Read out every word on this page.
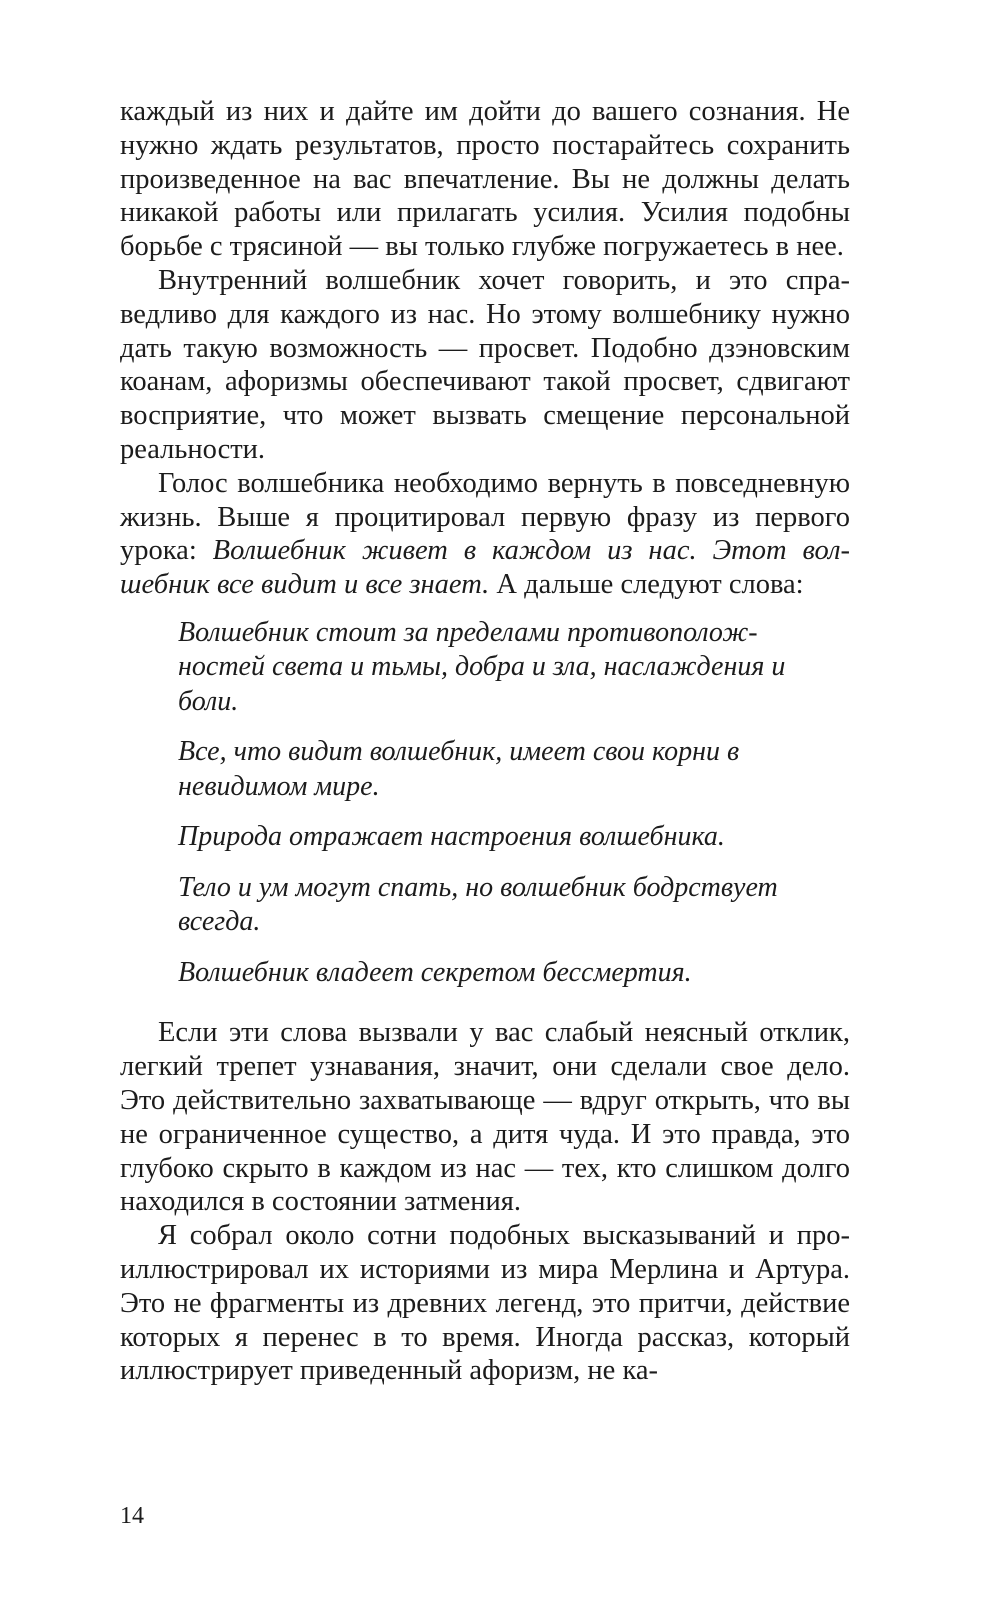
каждый из них и дайте им дойти до вашего сознания. Не нужно ждать результатов, просто постарайтесь сохранить произведенное на вас впечатление. Вы не должны делать никакой работы или прилагать усилия. Усилия подобны борьбе с трясиной — вы только глубже погружаетесь в нее.

Внутренний волшебник хочет говорить, и это справедливо для каждого из нас. Но этому волшебнику нужно дать такую возможность — просвет. Подобно дзэновским коанам, афоризмы обеспечивают такой просвет, сдвигают восприятие, что может вызвать смещение персональной реальности.

Голос волшебника необходимо вернуть в повседневную жизнь. Выше я процитировал первую фразу из первого урока: Волшебник живет в каждом из нас. Этот волшебник все видит и все знает. А дальше следуют слова:

Волшебник стоит за пределами противоположностей света и тьмы, добра и зла, наслаждения и боли.

Все, что видит волшебник, имеет свои корни в невидимом мире.

Природа отражает настроения волшебника.

Тело и ум могут спать, но волшебник бодрствует всегда.

Волшебник владеет секретом бессмертия.

Если эти слова вызвали у вас слабый неясный отклик, легкий трепет узнавания, значит, они сделали свое дело. Это действительно захватывающе — вдруг открыть, что вы не ограниченное существо, а дитя чуда. И это правда, это глубоко скрыто в каждом из нас — тех, кто слишком долго находился в состоянии затмения.

Я собрал около сотни подобных высказываний и проиллюстрировал их историями из мира Мерлина и Артура. Это не фрагменты из древних легенд, это притчи, действие которых я перенес в то время. Иногда рассказ, который иллюстрирует приведенный афоризм, не ка-

14
